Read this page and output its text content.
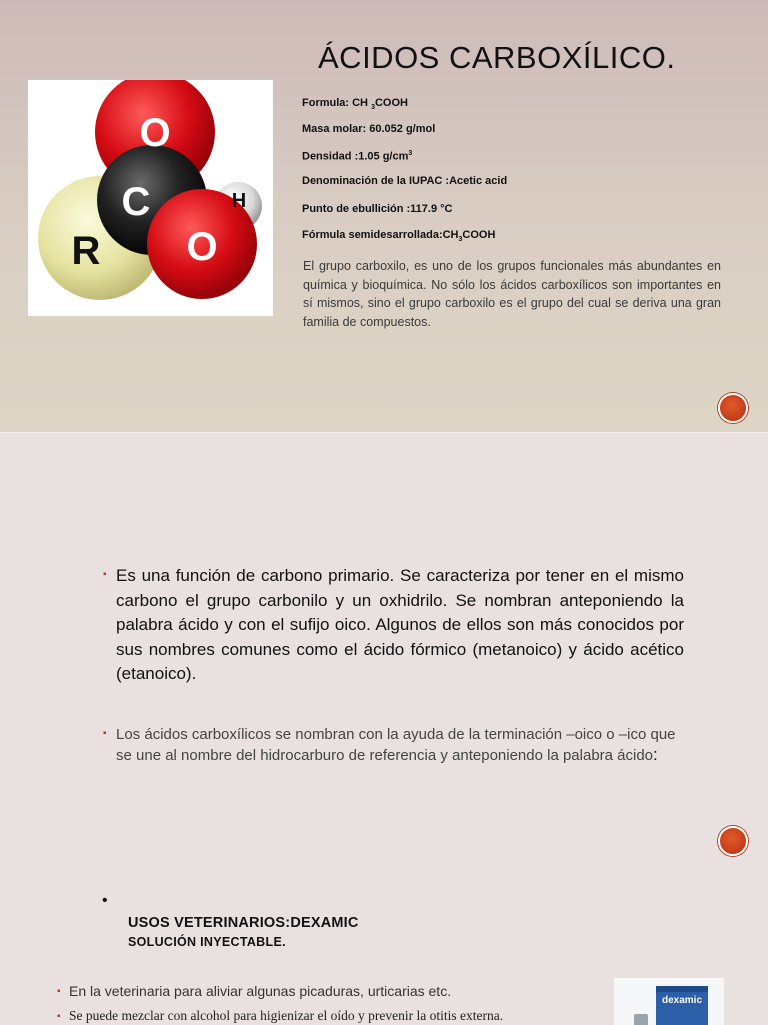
ÁCIDOS CARBOXÍLICO.
O
C	H
O
R
Formula: CH $_3$COOH
Masa molar: 60.052 g/mol
Densidad :1.05 $g/cm^3$
Denominación de la IUPAC :Acetic acid
Punto de ebullición :117.9 °C
Fórmula $semidesarrollada:CH_3COOH$

El grupo carboxilo, es uno de los grupos funcionales más abundantes en química y bioquímica. No sólo los ácidos carboxílicos son importantes en sí mismos, sino el grupo carboxilo es el grupo del cual se deriva una gran familia de compuestos.

▪ Es una función de carbono primario. Se caracteriza por tener en el mismo carbono el grupo carbonilo y un oxhidrilo. Se nombran anteponiendo la palabra ácido y con el sufijo oico. Algunos de ellos son más conocidos por sus nombres comunes como el ácido fórmico (metanoico) y ácido acético (etanoico).

▪ Los ácidos carboxílicos se nombran con la ayuda de la terminación –oico o –ico que se une al nombre del hidrocarburo de referencia y anteponiendo la palabra ácido:

•
USOS VETERINARIOS:DEXAMIC
SOLUCIÓN INYECTABLE.
▪ En la veterinaria para aliviar algunas picaduras, urticarias etc.
▪ Se puede mezclar con alcohol para higienizar el oído y prevenir la otitis externa.
dexamic
